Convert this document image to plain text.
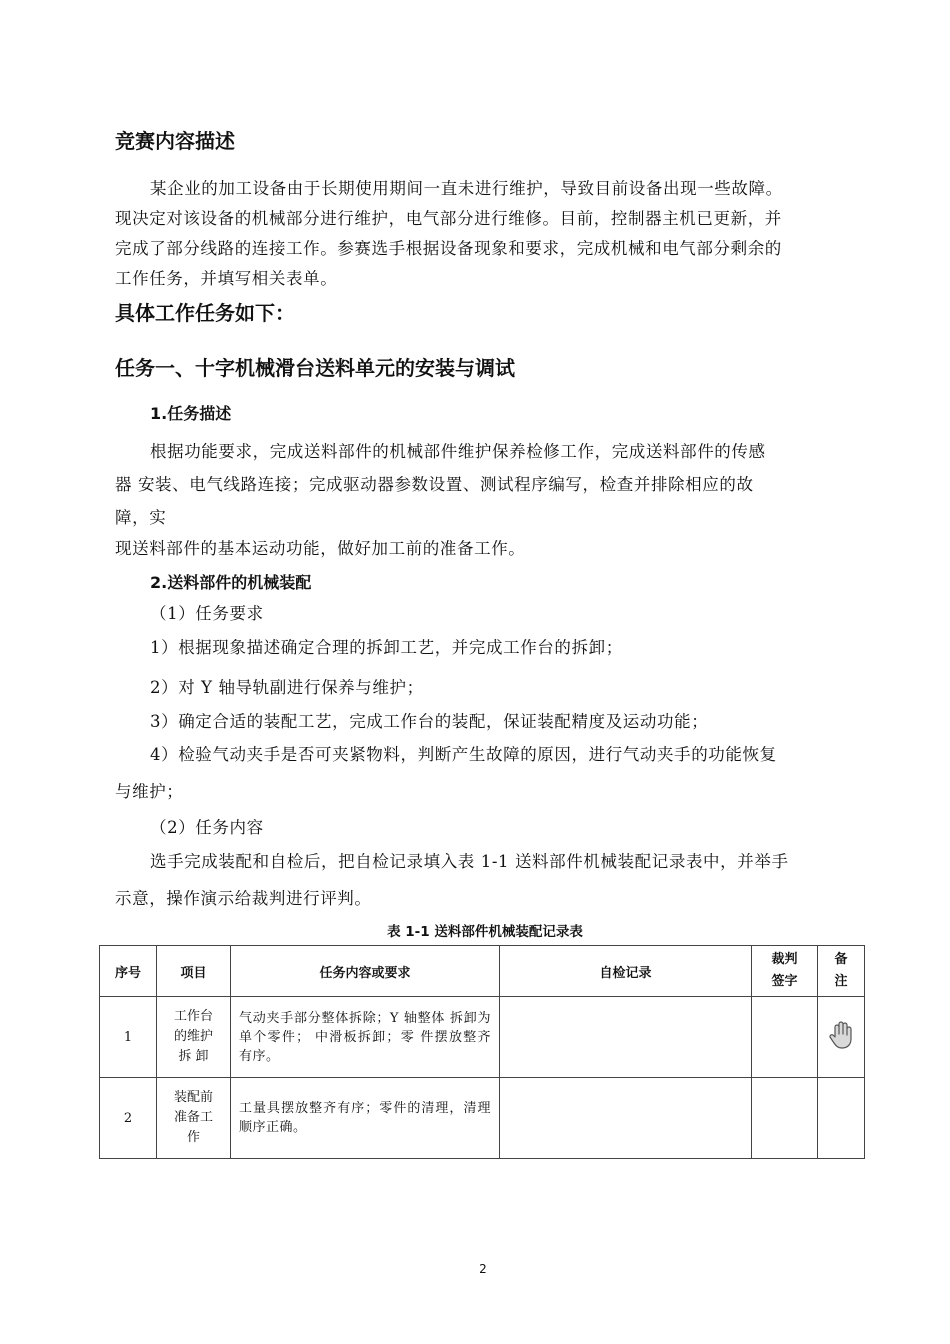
竞赛内容描述
某企业的加工设备由于长期使用期间一直未进行维护，导致目前设备出现一些故障。
现决定对该设备的机械部分进行维护，电气部分进行维修。目前，控制器主机已更新，并
完成了部分线路的连接工作。参赛选手根据设备现象和要求，完成机械和电气部分剩余的
工作任务，并填写相关表单。
具体工作任务如下：
任务一、十字机械滑台送料单元的安装与调试
1.任务描述
根据功能要求，完成送料部件的机械部件维护保养检修工作，完成送料部件的传感
器 安装、电气线路连接；完成驱动器参数设置、测试程序编写，检查并排除相应的故
障，实
现送料部件的基本运动功能，做好加工前的准备工作。
2.送料部件的机械装配
（1）任务要求
1）根据现象描述确定合理的拆卸工艺，并完成工作台的拆卸；
2）对 Y 轴导轨副进行保养与维护；
3）确定合适的装配工艺，完成工作台的装配，保证装配精度及运动功能；
4）检验气动夹手是否可夹紧物料，判断产生故障的原因，进行气动夹手的功能恢复
与维护；
（2）任务内容
选手完成装配和自检后，把自检记录填入表 1-1 送料部件机械装配记录表中，并举手
示意，操作演示给裁判进行评判。
表 1-1 送料部件机械装配记录表
序号	项目	任务内容或要求	自检记录	裁判签字	备注
1	工作台的维护拆 卸	气动夹手部分整体拆除；Y 轴整体 拆卸为单个零件； 中滑板拆卸；零 件摆放整齐有序。			
2	装配前准备工作	工量具摆放整齐有序；零件的清理，清理顺序正确。			
2
